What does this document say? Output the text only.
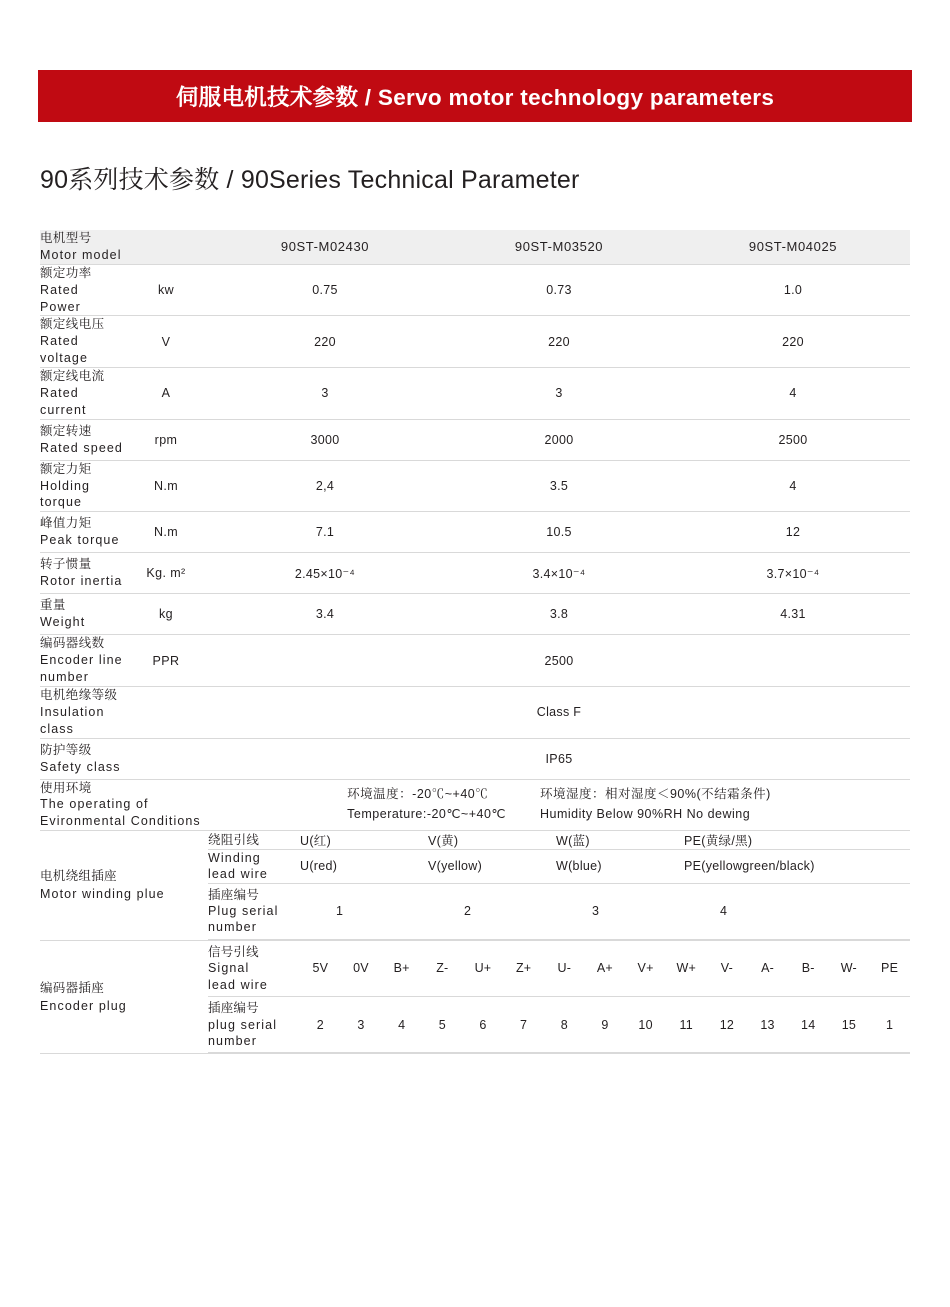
伺服电机技术参数 / Servo motor technology parameters
90系列技术参数 / 90Series Technical Parameter
电机型号
Motor model
	90ST-M02430	90ST-M03520	90ST-M04025

额定功率
Rated Power
	kw	0.75	0.73	1.0

额定线电压
Rated voltage
	V	220	220	220

额定线电流
Rated current
	A	3	3	4

额定转速
Rated speed
	rpm	3000	2000	2500

额定力矩
Holding torque
	N.m	2,4	3.5	4

峰值力矩
Peak torque
	N.m	7.1	10.5	12

转子惯量
Rotor inertia
	Kg. m²	2.45×10⁻⁴	3.4×10⁻⁴	3.7×10⁻⁴

重量
Weight
	kg	3.4	3.8	4.31

编码器线数
Encoder line number
	PPR	2500

电机绝缘等级
Insulation class
		Class F

防护等级
Safety class
		IP65

使用环境
The operating of
Evironmental Conditions

环境温度：-20℃~+40℃
Temperature:-20℃~+40℃
环境湿度：相对湿度＜90%(不结霜条件)
Humidity Below 90%RH No dewing

电机绕组插座
Motor winding plue

绕阻引线	U(红)	V(黄)	W(蓝)	PE(黄绿/黑)

Winding
lead wire
	U(red)	V(yellow)	W(blue)	PE(yellowgreen/black)

插座编号
Plug serial
number
	1	2	3	4

编码器插座
Encoder plug

信号引线
Signal
lead wire
	5V	0V	B+	Z-	U+	Z+	U-	A+	V+	W+	V-	A-	B-	W-	PE

插座编号
plug serial
number
	2	3	4	5	6	7	8	9	10	11	12	13	14	15	1
